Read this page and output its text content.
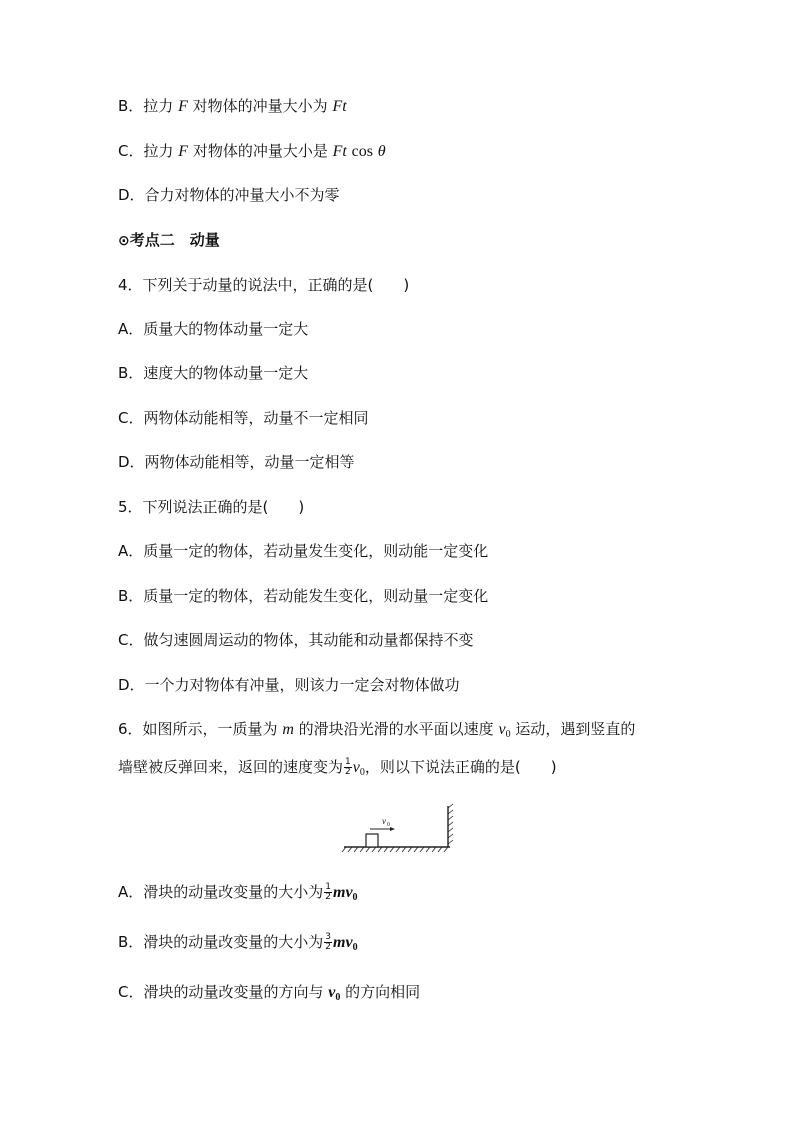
B．拉力 F 对物体的冲量大小为 Ft
C．拉力 F 对物体的冲量大小是 Ft cos θ
D．合力对物体的冲量大小不为零
⊙考点二　动量
4．下列关于动量的说法中，正确的是(　　)
A．质量大的物体动量一定大
B．速度大的物体动量一定大
C．两物体动能相等，动量不一定相同
D．两物体动能相等，动量一定相等
5．下列说法正确的是(　　)
A．质量一定的物体，若动量发生变化，则动能一定变化
B．质量一定的物体，若动能发生变化，则动量一定变化
C．做匀速圆周运动的物体，其动能和动量都保持不变
D．一个力对物体有冲量，则该力一定会对物体做功
6．如图所示，一质量为 m 的滑块沿光滑的水平面以速度 $v_0$ 运动，遇到竖直的
墙壁被反弹回来，返回的速度变为 $\frac{1}{2} v_0$，则以下说法正确的是(　　)
v 0
A．滑块的动量改变量的大小为 $\frac{1}{2} mv_0$
B．滑块的动量改变量的大小为 $\frac{3}{2} mv_0$
C．滑块的动量改变量的方向与 $v_0$ 的方向相同
